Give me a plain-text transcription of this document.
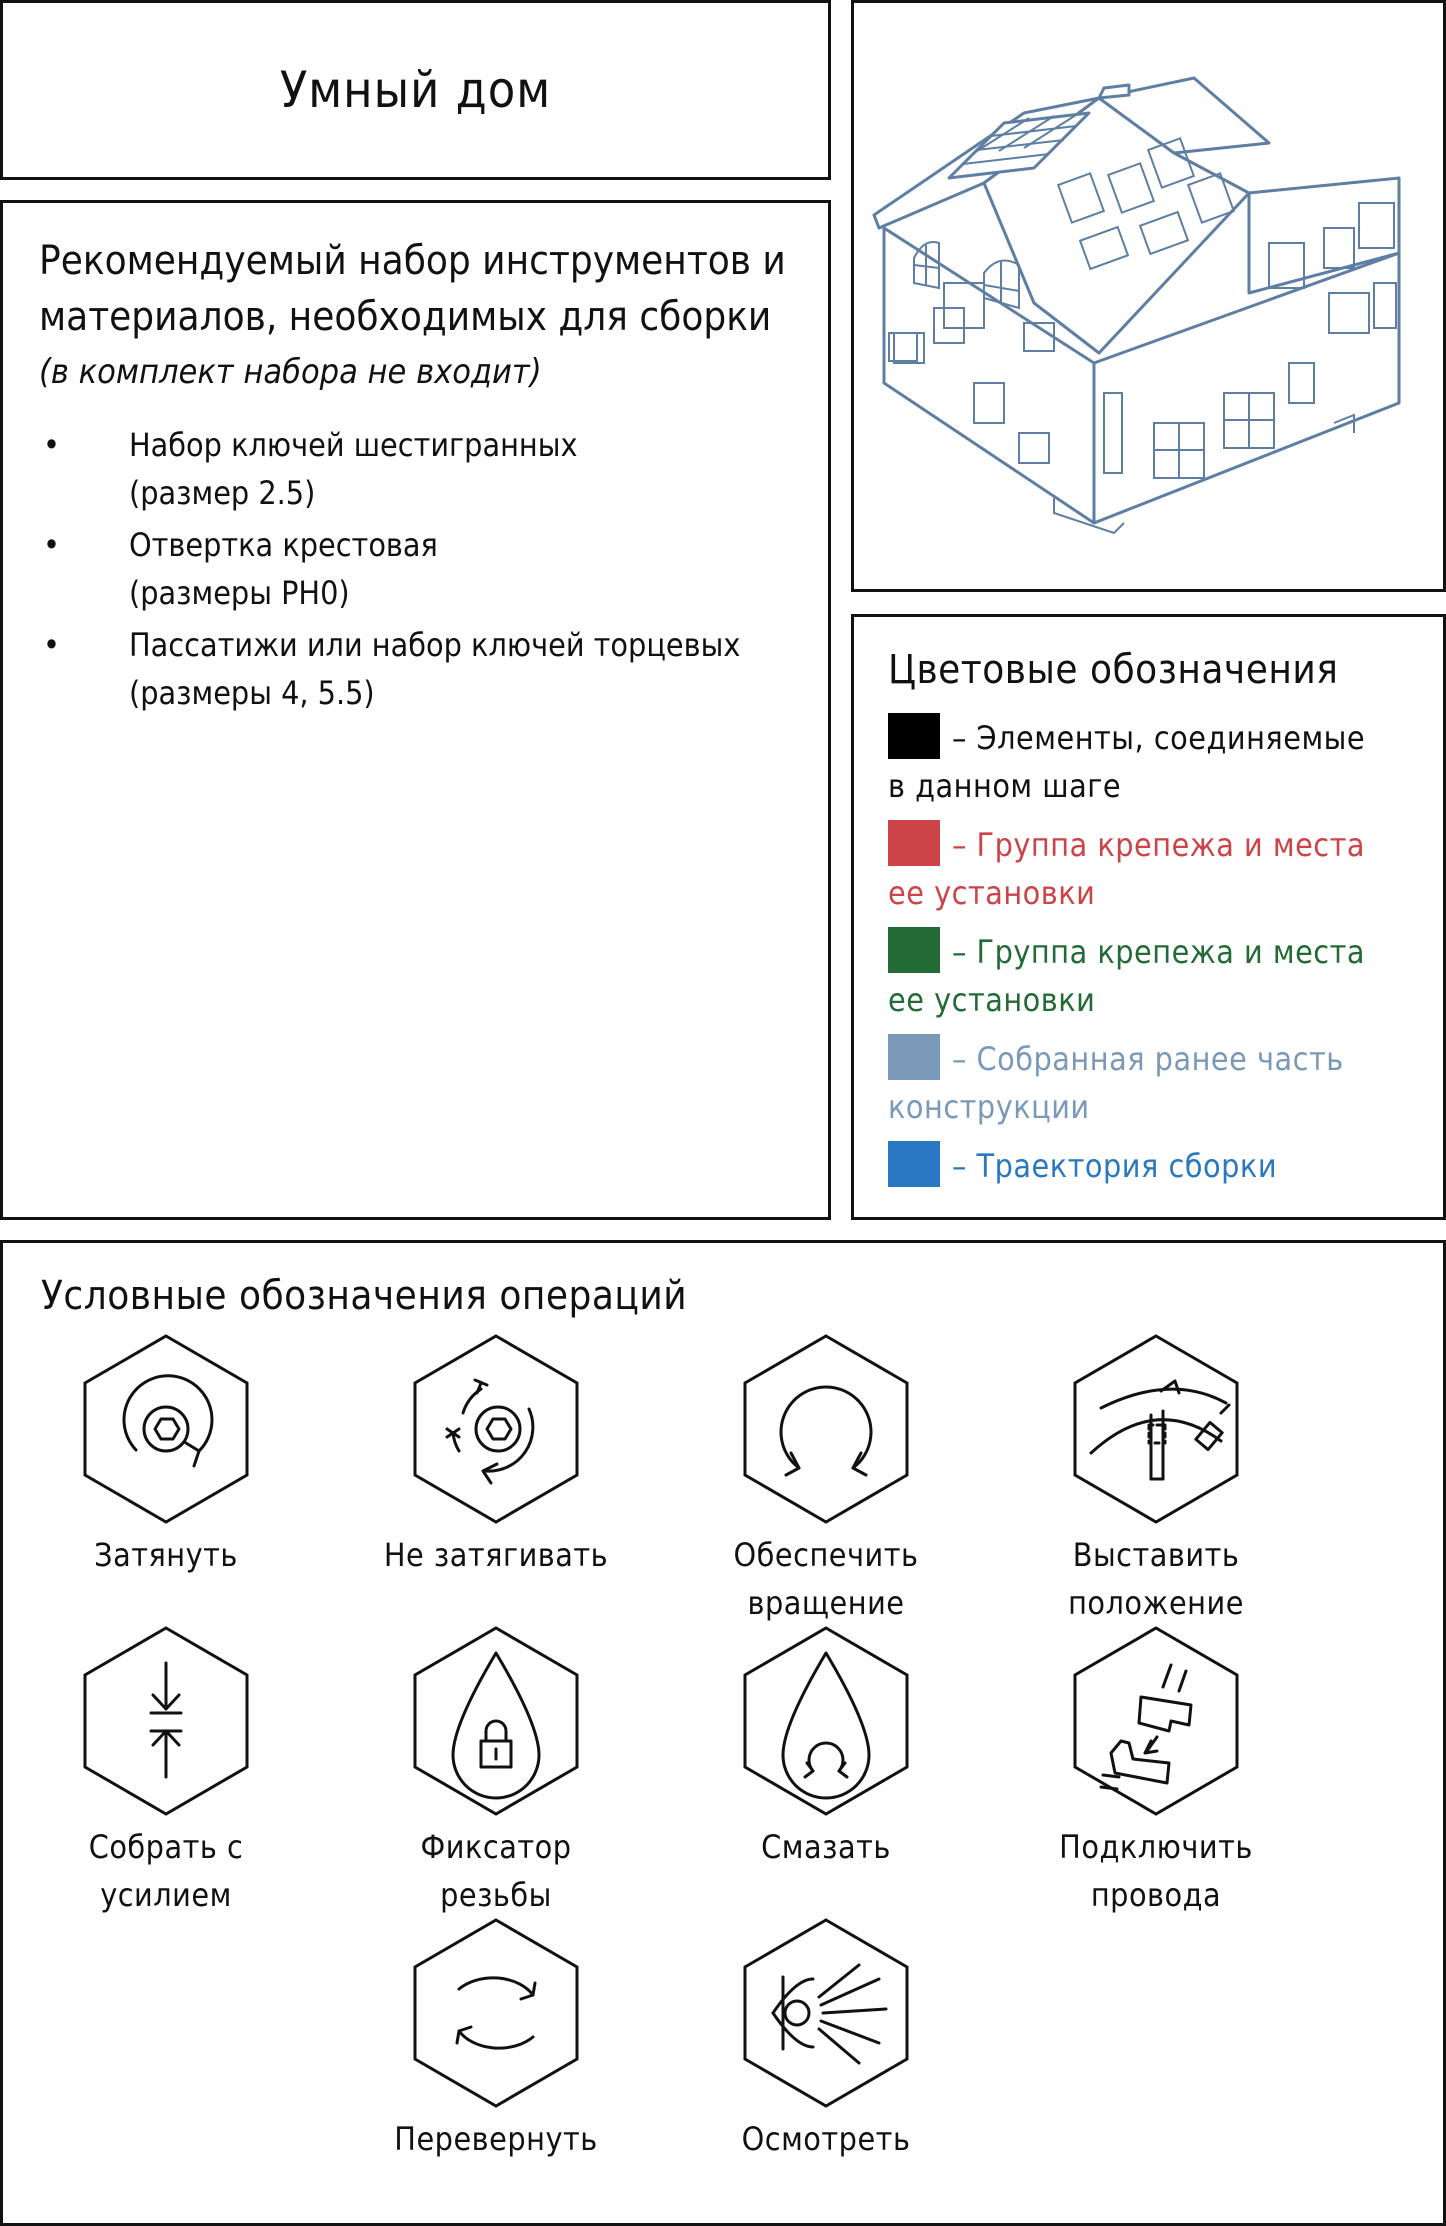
Умный дом

Рекомендуемый набор инструментов и

материалов, необходимых для сборки

(в комплект набора не входит)

• Набор ключей шестигранных
(размер 2.5)
• Отвертка крестовая
(размеры PH0)
• Пассатижи или набор ключей торцевых
(размеры 4, 5.5)	Цветовые обозначения

– Элементы, соединяемые
в данном шаге
– Группа крепежа и места
ее установки
– Группа крепежа и места
ее установки
– Собранная ранее часть
конструкции
– Траектория сборки

Условные обозначения операций

Затянуть	Не затягивать	Обеспечить
вращение
Выставить
положение
Собрать с
усилием
Фиксатор
резьбы
Смазать	Подключить
провода
Перевернуть	Осмотреть
